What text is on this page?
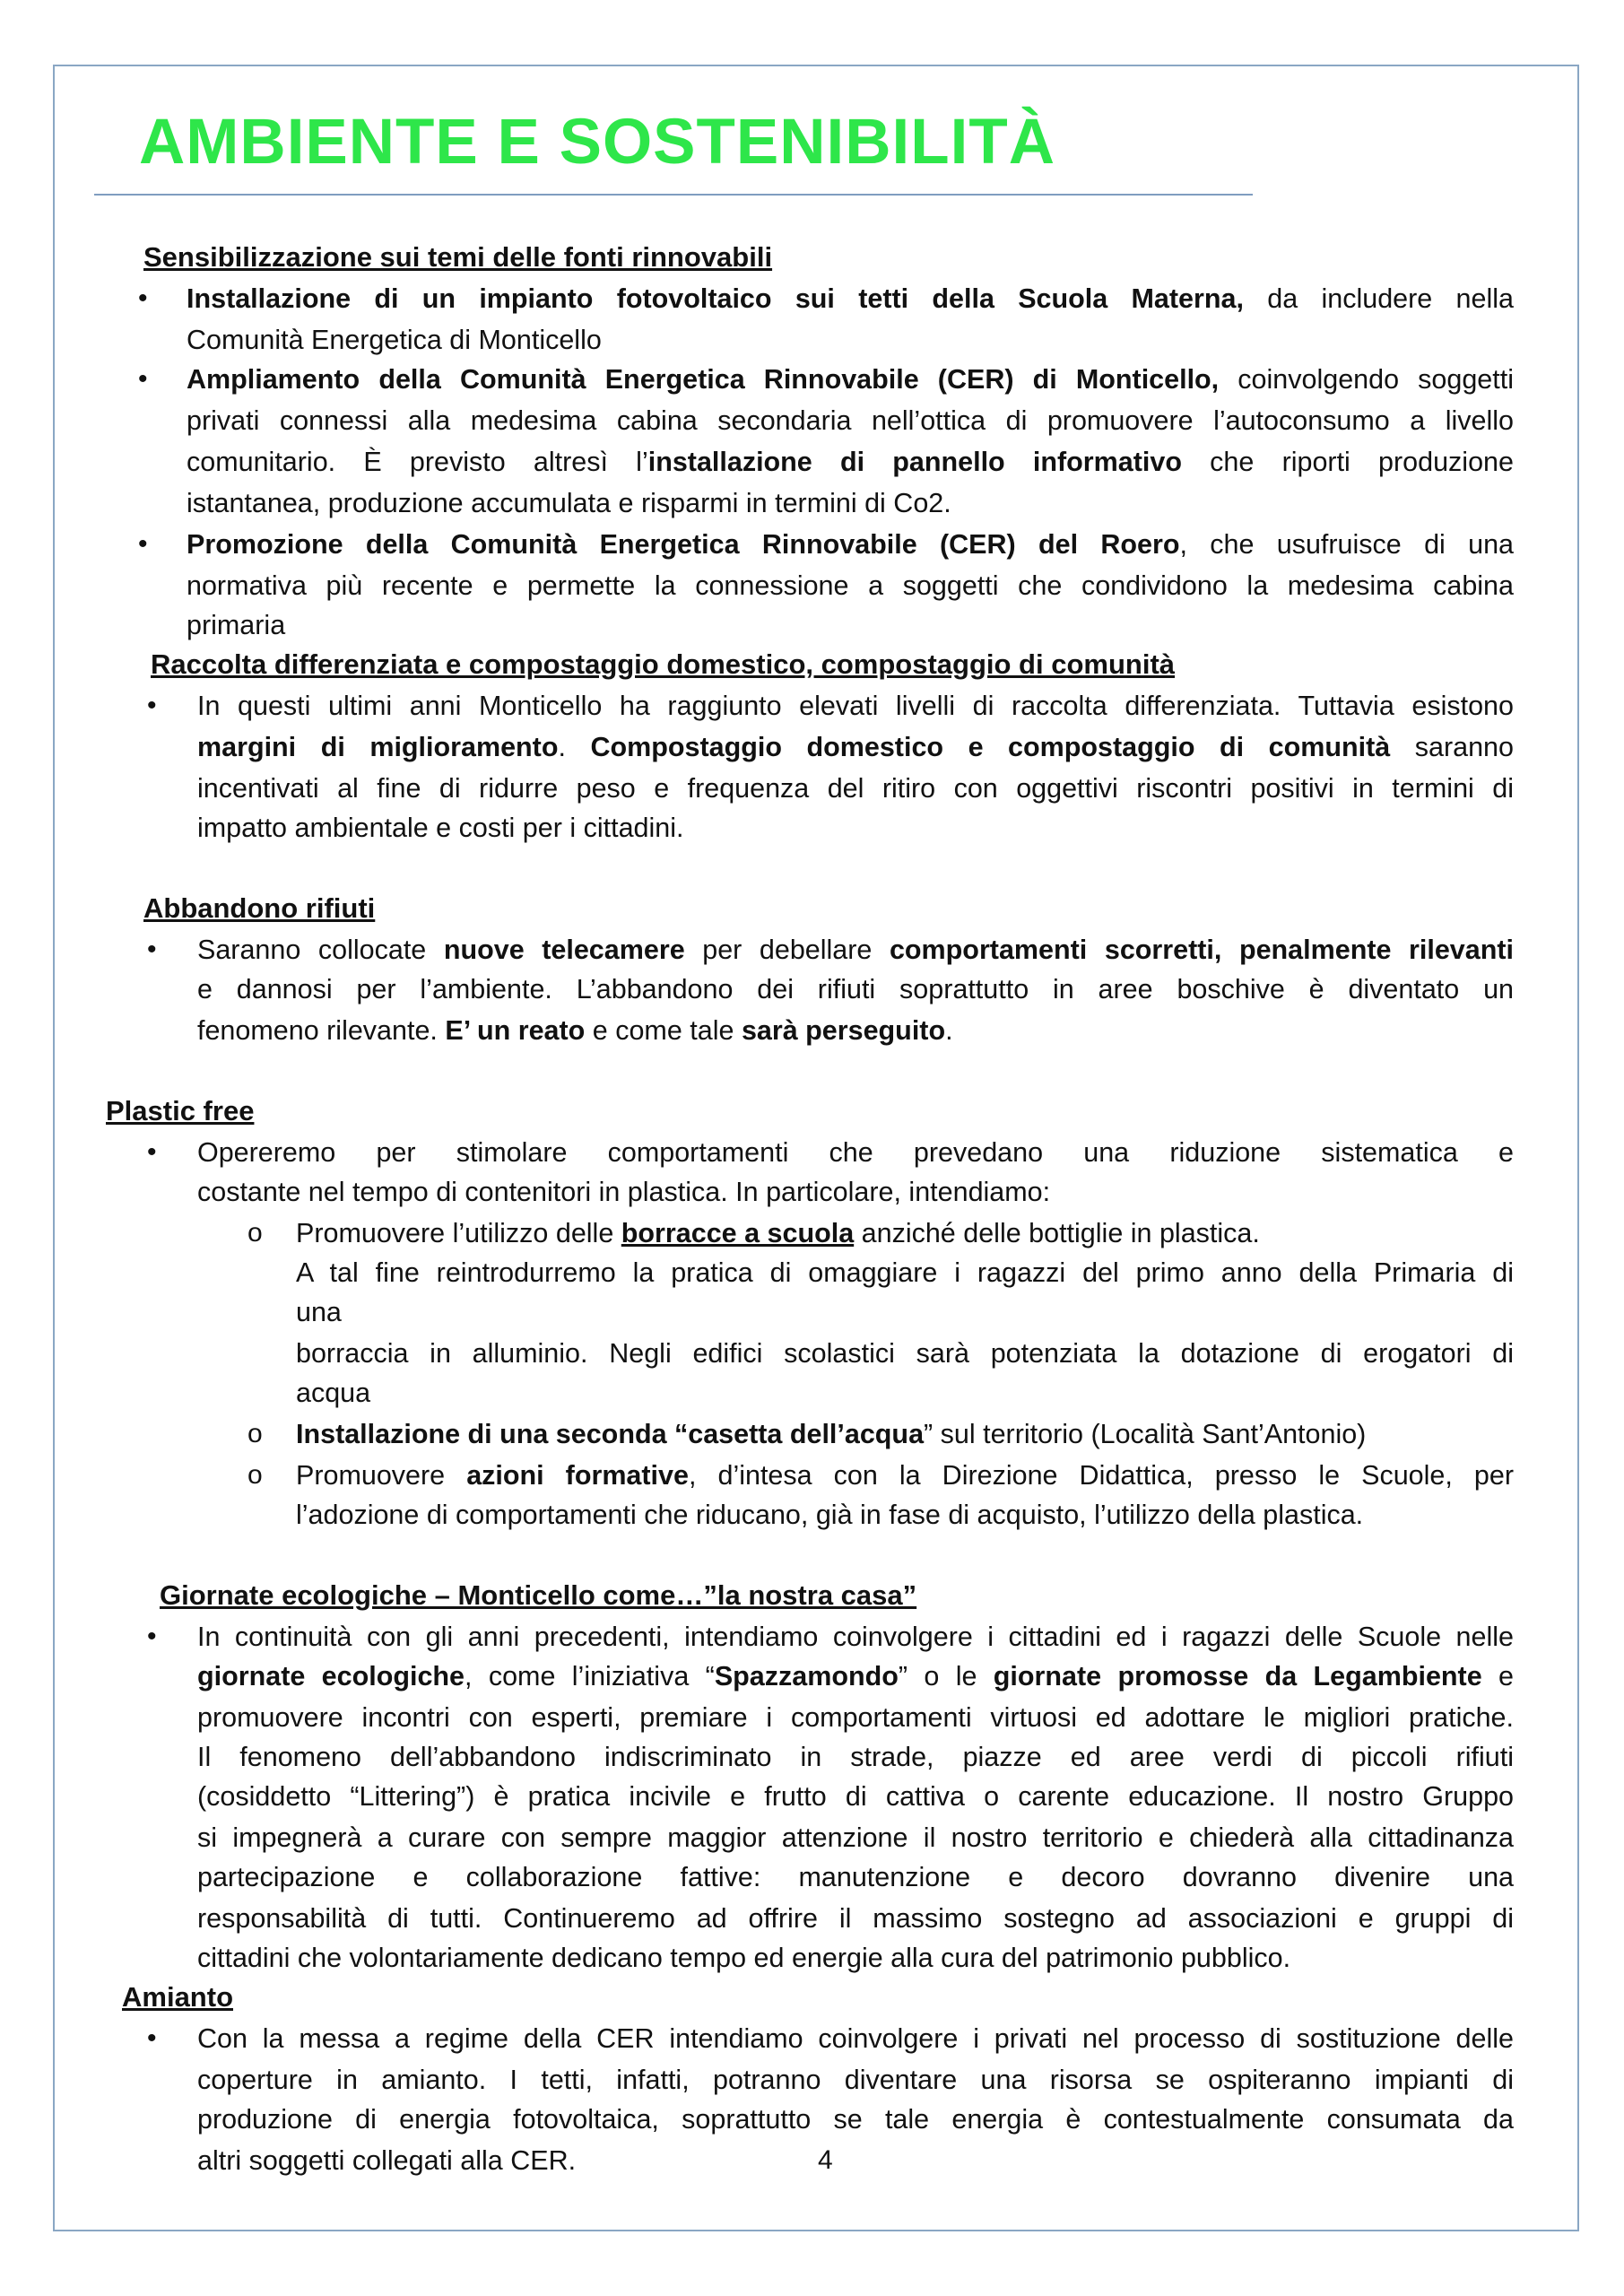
AMBIENTE E SOSTENIBILITÀ
Sensibilizzazione sui temi delle fonti rinnovabili
• Installazione di un impianto fotovoltaico sui tetti della Scuola Materna, da includere nella
Comunità Energetica di Monticello
• Ampliamento della Comunità Energetica Rinnovabile (CER) di Monticello, coinvolgendo soggetti
privati connessi alla medesima cabina secondaria nell’ottica di promuovere l’autoconsumo a livello
comunitario. È previsto altresì l’installazione di pannello informativo che riporti produzione
istantanea, produzione accumulata e risparmi in termini di Co2.
• Promozione della Comunità Energetica Rinnovabile (CER) del Roero, che usufruisce di una
normativa più recente e permette la connessione a soggetti che condividono la medesima cabina
primaria
Raccolta differenziata e compostaggio domestico, compostaggio di comunità
• In questi ultimi anni Monticello ha raggiunto elevati livelli di raccolta differenziata. Tuttavia esistono
margini di miglioramento. Compostaggio domestico e compostaggio di comunità saranno
incentivati al fine di ridurre peso e frequenza del ritiro con oggettivi riscontri positivi in termini di
impatto ambientale e costi per i cittadini.
Abbandono rifiuti
• Saranno collocate nuove telecamere per debellare comportamenti scorretti, penalmente rilevanti
e dannosi per l’ambiente. L’abbandono dei rifiuti soprattutto in aree boschive è diventato un
fenomeno rilevante. E’ un reato e come tale sarà perseguito.
Plastic free
• Opereremo per stimolare comportamenti che prevedano una riduzione sistematica e
costante nel tempo di contenitori in plastica. In particolare, intendiamo:
o Promuovere l’utilizzo delle borracce a scuola anziché delle bottiglie in plastica.
A tal fine reintrodurremo la pratica di omaggiare i ragazzi del primo anno della Primaria di
una
borraccia in alluminio. Negli edifici scolastici sarà potenziata la dotazione di erogatori di
acqua
o Installazione di una seconda “casetta dell’acqua” sul territorio (Località Sant’Antonio)
o Promuovere azioni formative, d’intesa con la Direzione Didattica, presso le Scuole, per
l’adozione di comportamenti che riducano, già in fase di acquisto, l’utilizzo della plastica.
Giornate ecologiche – Monticello come…”la nostra casa”
• In continuità con gli anni precedenti, intendiamo coinvolgere i cittadini ed i ragazzi delle Scuole nelle
giornate ecologiche, come l’iniziativa “Spazzamondo” o le giornate promosse da Legambiente e
promuovere incontri con esperti, premiare i comportamenti virtuosi ed adottare le migliori pratiche.
Il fenomeno dell’abbandono indiscriminato in strade, piazze ed aree verdi di piccoli rifiuti
(cosiddetto “Littering”) è pratica incivile e frutto di cattiva o carente educazione. Il nostro Gruppo
si impegnerà a curare con sempre maggior attenzione il nostro territorio e chiederà alla cittadinanza
partecipazione e collaborazione fattive: manutenzione e decoro dovranno divenire una
responsabilità di tutti. Continueremo ad offrire il massimo sostegno ad associazioni e gruppi di
cittadini che volontariamente dedicano tempo ed energie alla cura del patrimonio pubblico.
Amianto
• Con la messa a regime della CER intendiamo coinvolgere i privati nel processo di sostituzione delle
coperture in amianto. I tetti, infatti, potranno diventare una risorsa se ospiteranno impianti di
produzione di energia fotovoltaica, soprattutto se tale energia è contestualmente consumata da
altri soggetti collegati alla CER.	4
